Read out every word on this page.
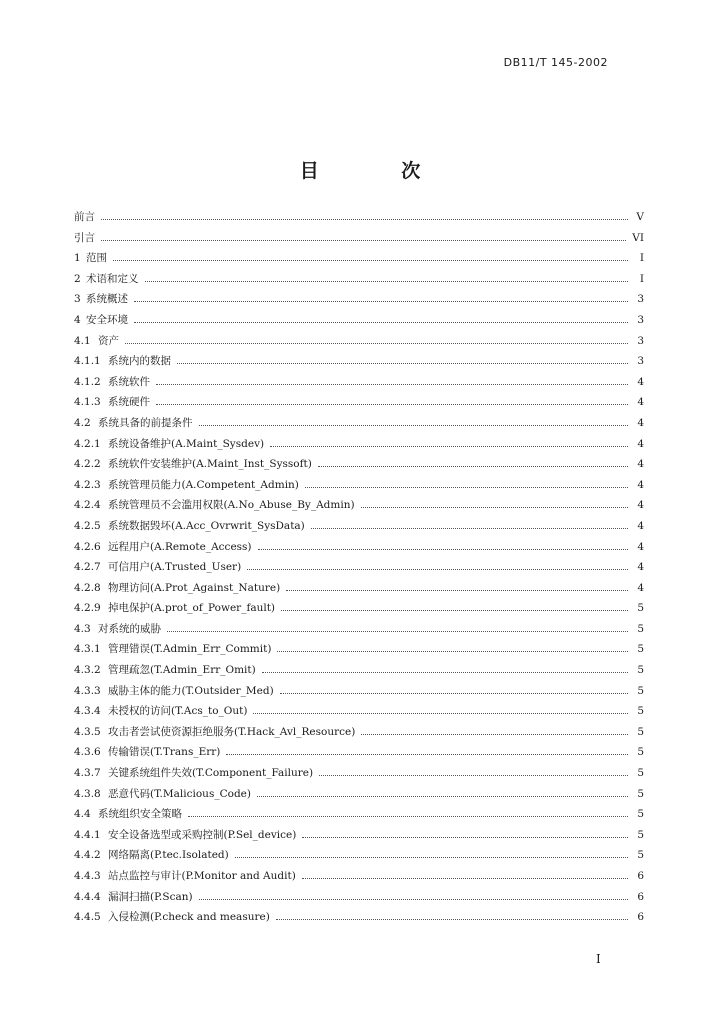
DB11/T 145-2002
目 次
前言	V
引言	VI
1 范围	I
2 术语和定义	I
3 系统概述	3
4 安全环境	3
4.1 资产	3
4.1.1 系统内的数据	3
4.1.2 系统软件	4
4.1.3 系统硬件	4
4.2 系统具备的前提条件	4
4.2.1 系统设备维护(A.Maint_Sysdev)	4
4.2.2 系统软件安装维护(A.Maint_Inst_Syssoft)	4
4.2.3 系统管理员能力(A.Competent_Admin)	4
4.2.4 系统管理员不会滥用权限(A.No_Abuse_By_Admin)	4
4.2.5 系统数据毁坏(A.Acc_Ovrwrit_SysData)	4
4.2.6 远程用户(A.Remote_Access)	4
4.2.7 可信用户(A.Trusted_User)	4
4.2.8 物理访问(A.Prot_Against_Nature)	4
4.2.9 掉电保护(A.prot_of_Power_fault)	5
4.3 对系统的威胁	5
4.3.1 管理错误(T.Admin_Err_Commit)	5
4.3.2 管理疏忽(T.Admin_Err_Omit)	5
4.3.3 威胁主体的能力(T.Outsider_Med)	5
4.3.4 未授权的访问(T.Acs_to_Out)	5
4.3.5 攻击者尝试使资源拒绝服务(T.Hack_Avl_Resource)	5
4.3.6 传输错误(T.Trans_Err)	5
4.3.7 关键系统组件失效(T.Component_Failure)	5
4.3.8 恶意代码(T.Malicious_Code)	5
4.4 系统组织安全策略	5
4.4.1 安全设备选型或采购控制(P.Sel_device)	5
4.4.2 网络隔离(P.tec.Isolated)	5
4.4.3 站点监控与审计(P.Monitor and Audit)	6
4.4.4 漏洞扫描(P.Scan)	6
4.4.5 入侵检测(P.check and measure)	6
I
